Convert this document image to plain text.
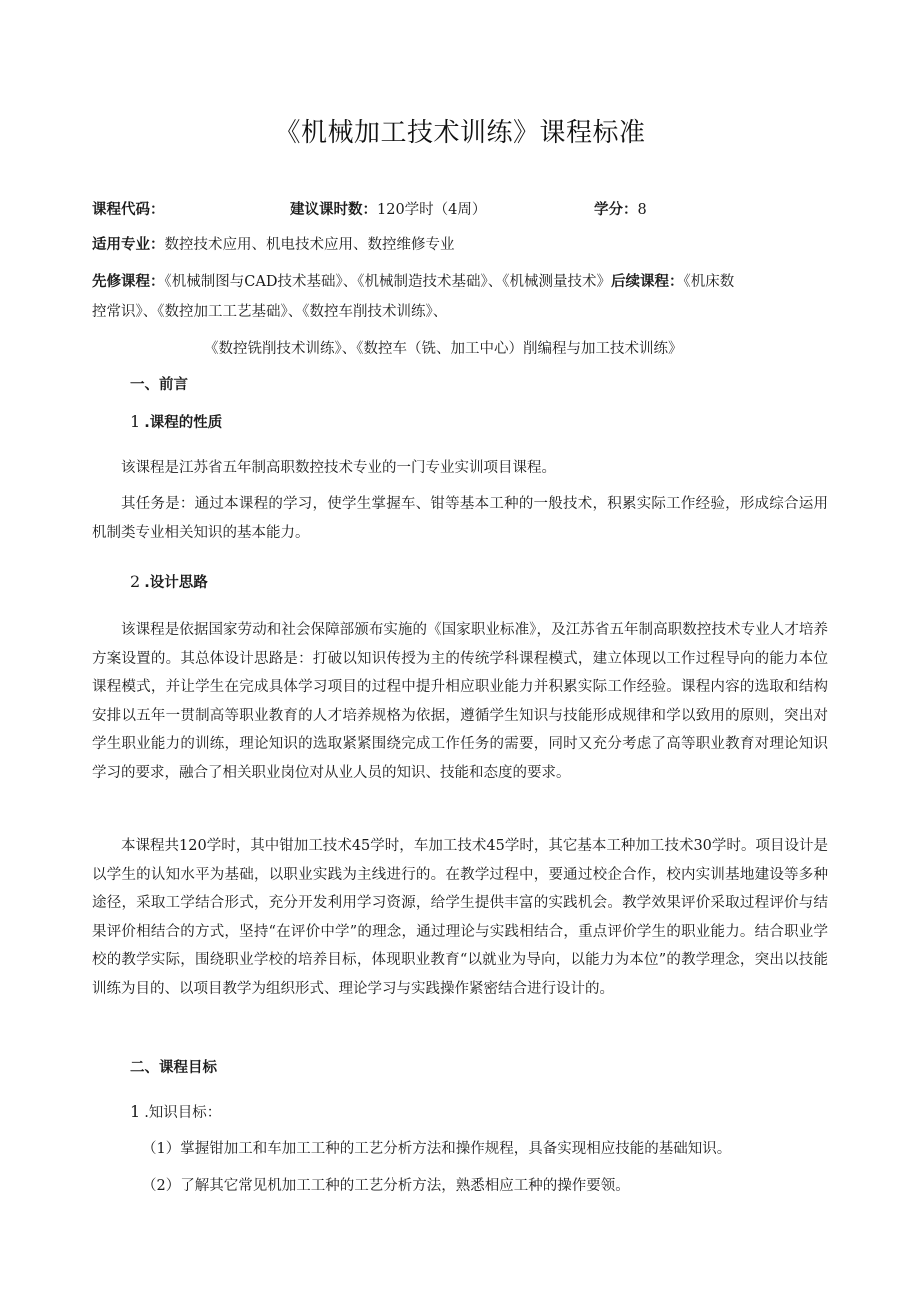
《机械加工技术训练》课程标准
课程代码：	建议课时数：120学时（4周）	学分：8
适用专业：数控技术应用、机电技术应用、数控维修专业
先修课程：《机械制图与CAD技术基础》、《机械制造技术基础》、《机械测量技术》后续课程：《机床数
控常识》、《数控加工工艺基础》、《数控车削技术训练》、
《数控铣削技术训练》、《数控车（铣、加工中心）削编程与加工技术训练》
一、前言
1 .课程的性质

该课程是江苏省五年制高职数控技术专业的一门专业实训项目课程。

其任务是：通过本课程的学习，使学生掌握车、钳等基本工种的一般技术，积累实际工作经验，形成综合运用机制类专业相关知识的基本能力。

2 .设计思路

该课程是依据国家劳动和社会保障部颁布实施的《国家职业标准》，及江苏省五年制高职数控技术专业人才培养方案设置的。其总体设计思路是：打破以知识传授为主的传统学科课程模式，建立体现以工作过程导向的能力本位课程模式，并让学生在完成具体学习项目的过程中提升相应职业能力并积累实际工作经验。课程内容的选取和结构安排以五年一贯制高等职业教育的人才培养规格为依据，遵循学生知识与技能形成规律和学以致用的原则，突出对学生职业能力的训练，理论知识的选取紧紧围绕完成工作任务的需要，同时又充分考虑了高等职业教育对理论知识学习的要求，融合了相关职业岗位对从业人员的知识、技能和态度的要求。

本课程共120学时，其中钳加工技术45学时，车加工技术45学时，其它基本工种加工技术30学时。项目设计是以学生的认知水平为基础，以职业实践为主线进行的。在教学过程中，要通过校企合作，校内实训基地建设等多种途径，采取工学结合形式，充分开发利用学习资源，给学生提供丰富的实践机会。教学效果评价采取过程评价与结果评价相结合的方式，坚持“在评价中学”的理念，通过理论与实践相结合，重点评价学生的职业能力。结合职业学校的教学实际，围绕职业学校的培养目标，体现职业教育“以就业为导向，以能力为本位”的教学理念，突出以技能训练为目的、以项目教学为组织形式、理论学习与实践操作紧密结合进行设计的。

二、课程目标
1 .知识目标：
（1）掌握钳加工和车加工工种的工艺分析方法和操作规程，具备实现相应技能的基础知识。
（2）了解其它常见机加工工种的工艺分析方法，熟悉相应工种的操作要领。
